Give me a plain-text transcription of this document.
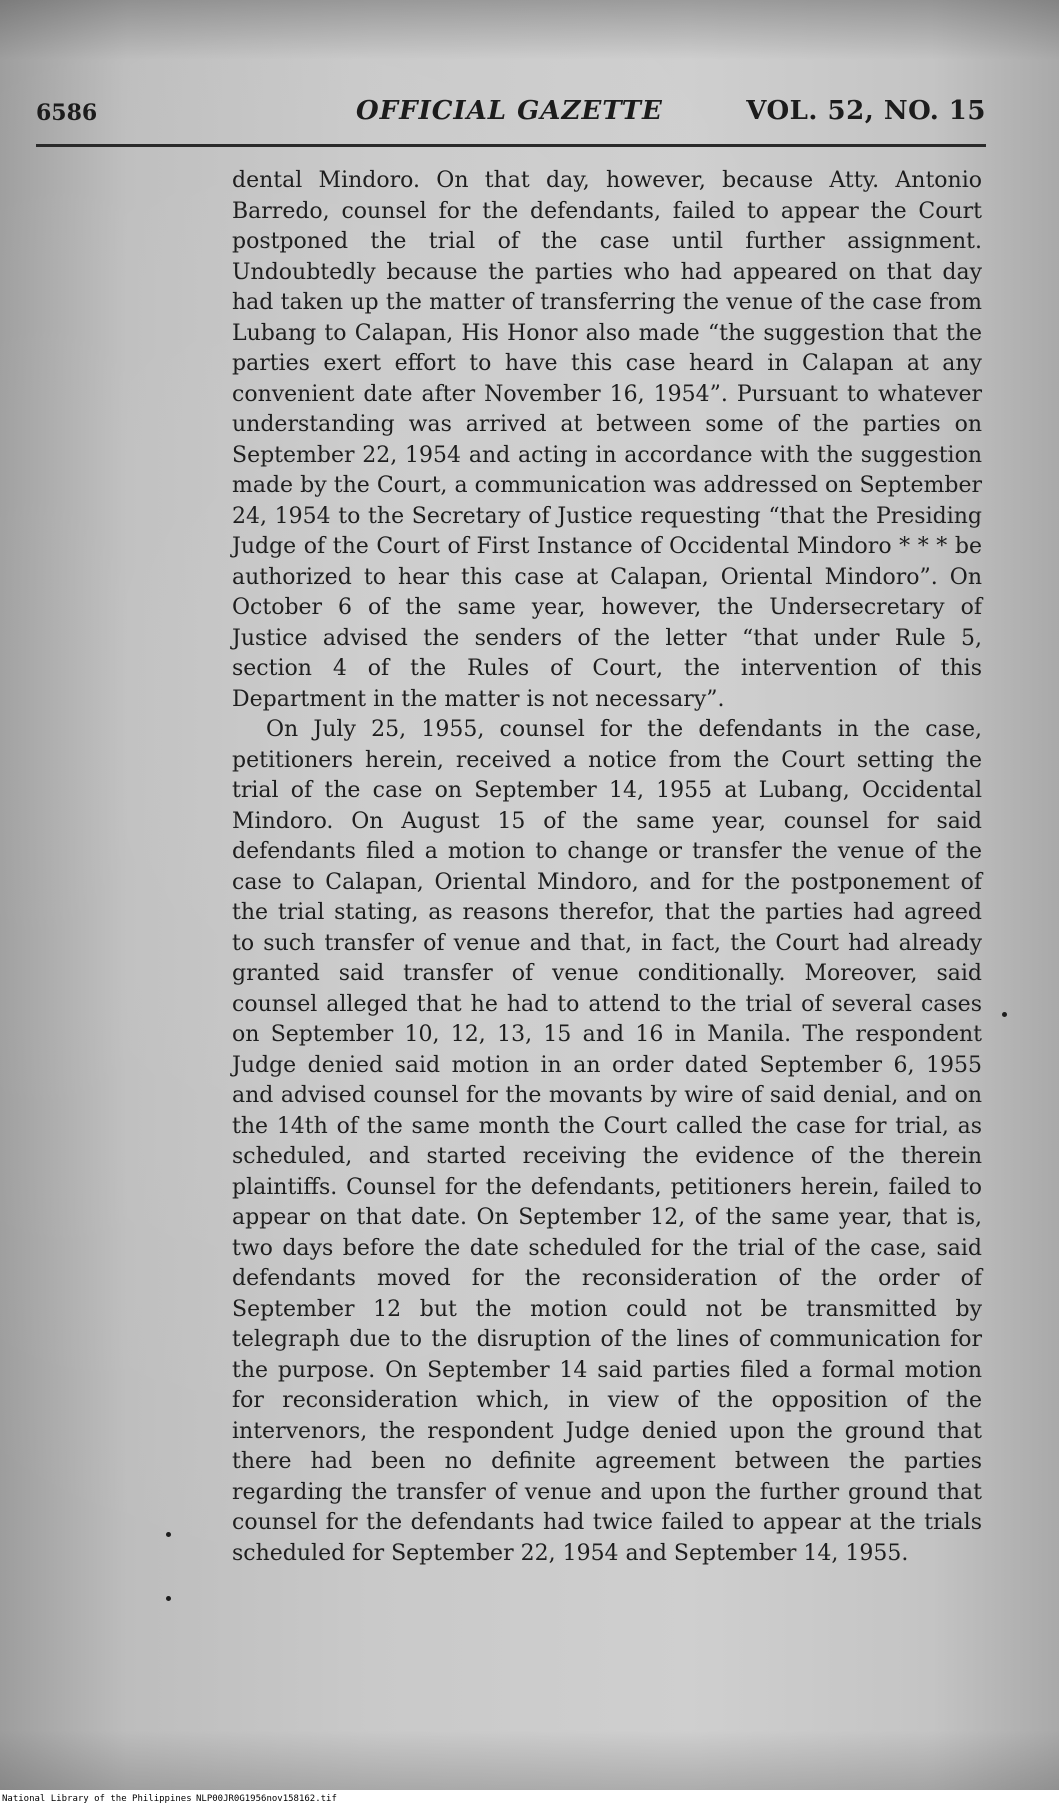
6586	OFFICIAL GAZETTE	VOL. 52, NO. 15

dental Mindoro. On that day, however, because Atty. Antonio Barredo, counsel for the defendants, failed to appear the Court postponed the trial of the case until further assignment. Undoubtedly because the parties who had appeared on that day had taken up the matter of transferring the venue of the case from Lubang to Calapan, His Honor also made “the suggestion that the parties exert effort to have this case heard in Calapan at any convenient date after November 16, 1954”. Pursuant to whatever understanding was arrived at between some of the parties on September 22, 1954 and acting in accordance with the suggestion made by the Court, a communication was addressed on September 24, 1954 to the Secretary of Justice requesting “that the Presiding Judge of the Court of First Instance of Occidental Mindoro * * * be authorized to hear this case at Calapan, Oriental Mindoro”. On October 6 of the same year, however, the Undersecretary of Justice advised the senders of the letter “that under Rule 5, section 4 of the Rules of Court, the intervention of this Department in the matter is not necessary”.

On July 25, 1955, counsel for the defendants in the case, petitioners herein, received a notice from the Court setting the trial of the case on September 14, 1955 at Lubang, Occidental Mindoro. On August 15 of the same year, counsel for said defendants filed a motion to change or transfer the venue of the case to Calapan, Oriental Mindoro, and for the postponement of the trial stating, as reasons therefor, that the parties had agreed to such transfer of venue and that, in fact, the Court had already granted said transfer of venue conditionally. Moreover, said counsel alleged that he had to attend to the trial of several cases on September 10, 12, 13, 15 and 16 in Manila. The respondent Judge denied said motion in an order dated September 6, 1955 and advised counsel for the movants by wire of said denial, and on the 14th of the same month the Court called the case for trial, as scheduled, and started receiving the evidence of the therein plaintiffs. Counsel for the defendants, petitioners herein, failed to appear on that date. On September 12, of the same year, that is, two days before the date scheduled for the trial of the case, said defendants moved for the reconsideration of the order of September 12 but the motion could not be transmitted by telegraph due to the disruption of the lines of communication for the purpose. On September 14 said parties filed a formal motion for reconsideration which, in view of the opposition of the intervenors, the respondent Judge denied upon the ground that there had been no definite agreement between the parties regarding the transfer of venue and upon the further ground that counsel for the defendants had twice failed to appear at the trials scheduled for September 22, 1954 and September 14, 1955.

National Library of the Philippines NLP00JR0G1956nov158162.tif
